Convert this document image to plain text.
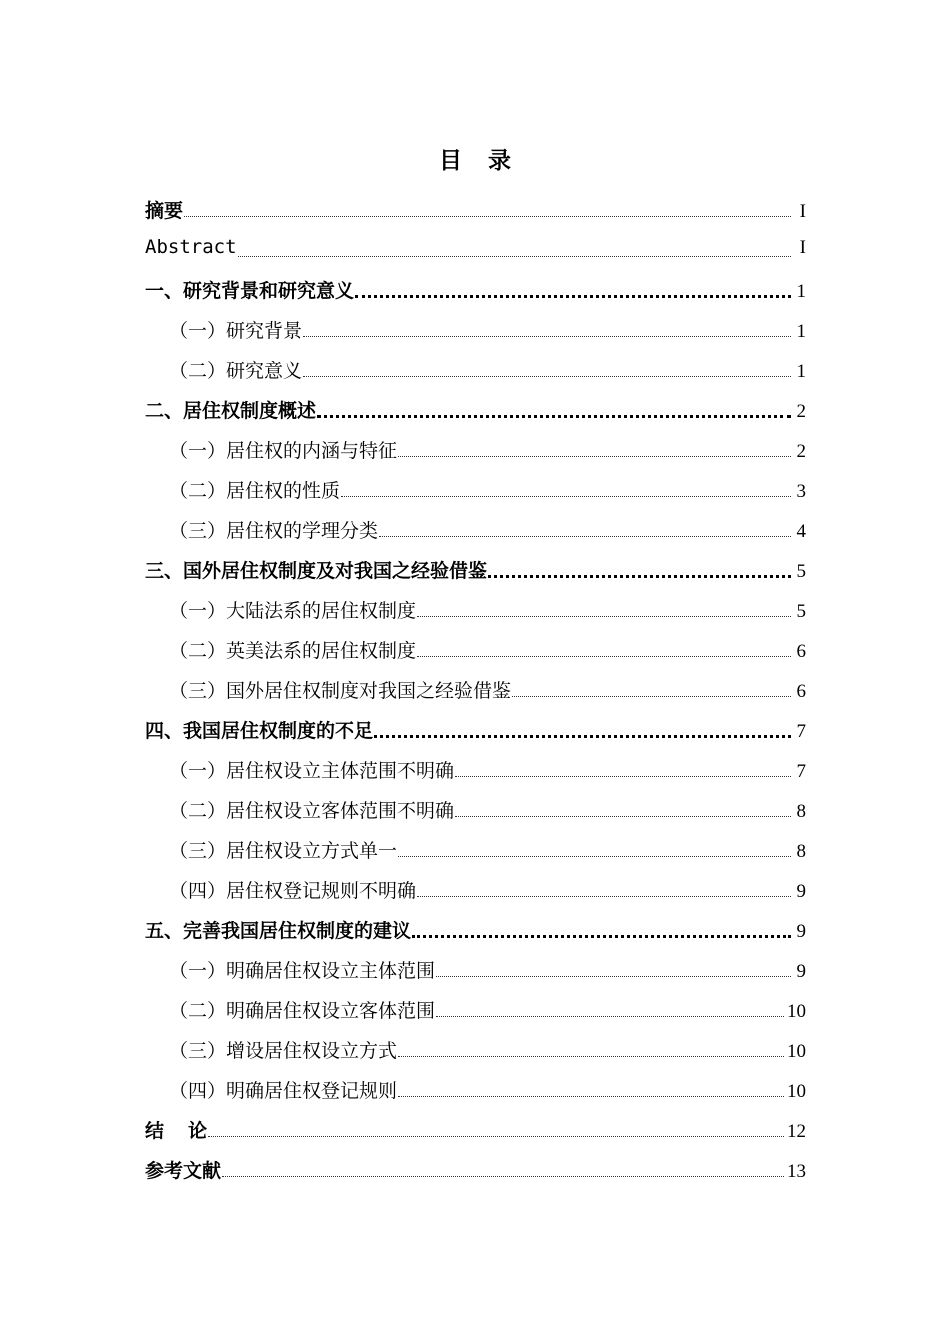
目 录
摘要	I
Abstract	I
一、研究背景和研究意义	1
（一）研究背景	1
（二）研究意义	1
二、居住权制度概述	2
（一）居住权的内涵与特征	2
（二）居住权的性质	3
（三）居住权的学理分类	4
三、国外居住权制度及对我国之经验借鉴	5
（一）大陆法系的居住权制度	5
（二）英美法系的居住权制度	6
（三）国外居住权制度对我国之经验借鉴	6
四、我国居住权制度的不足	7
（一）居住权设立主体范围不明确	7
（二）居住权设立客体范围不明确	8
（三）居住权设立方式单一	8
（四）居住权登记规则不明确	9
五、完善我国居住权制度的建议	9
（一）明确居住权设立主体范围	9
（二）明确居住权设立客体范围	10
（三）增设居住权设立方式	10
（四）明确居住权登记规则	10
结 论	12
参考文献	13
